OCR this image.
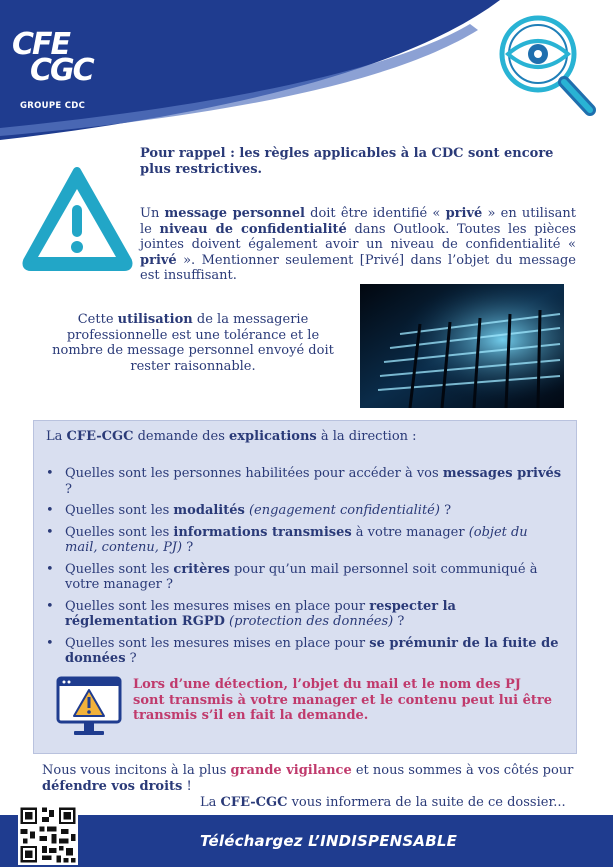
CFE
CGC
GROUPE CDC
Pour rappel : les règles applicables à la CDC sont encore plus restrictives.
Un message personnel doit être identifié « privé » en utilisant le niveau de confidentialité dans Outlook. Toutes les pièces jointes doivent également avoir un niveau de confidentialité « privé ». Mentionner seulement [Privé] dans l’objet du message est insuffisant.
Cette utilisation de la messagerie professionnelle est une tolérance et le nombre de message personnel envoyé doit rester raisonnable.
La CFE-CGC demande des explications à la direction :
• Quelles sont les personnes habilitées pour accéder à vos messages privés ?
• Quelles sont les modalités (engagement confidentialité) ?
• Quelles sont les informations transmises à votre manager (objet du mail, contenu, PJ) ?
• Quelles sont les critères pour qu’un mail personnel soit communiqué à votre manager ?
• Quelles sont les mesures mises en place pour respecter la réglementation RGPD (protection des données) ?
• Quelles sont les mesures mises en place pour se prémunir de la fuite de données ?
Lors d’une détection, l’objet du mail et le nom des PJ sont transmis à votre manager et le contenu peut lui être transmis s’il en fait la demande.
Nous vous incitons à la plus grande vigilance et nous sommes à vos côtés pour défendre vos droits !
La CFE-CGC vous informera de la suite de ce dossier...
Téléchargez L’INDISPENSABLE
